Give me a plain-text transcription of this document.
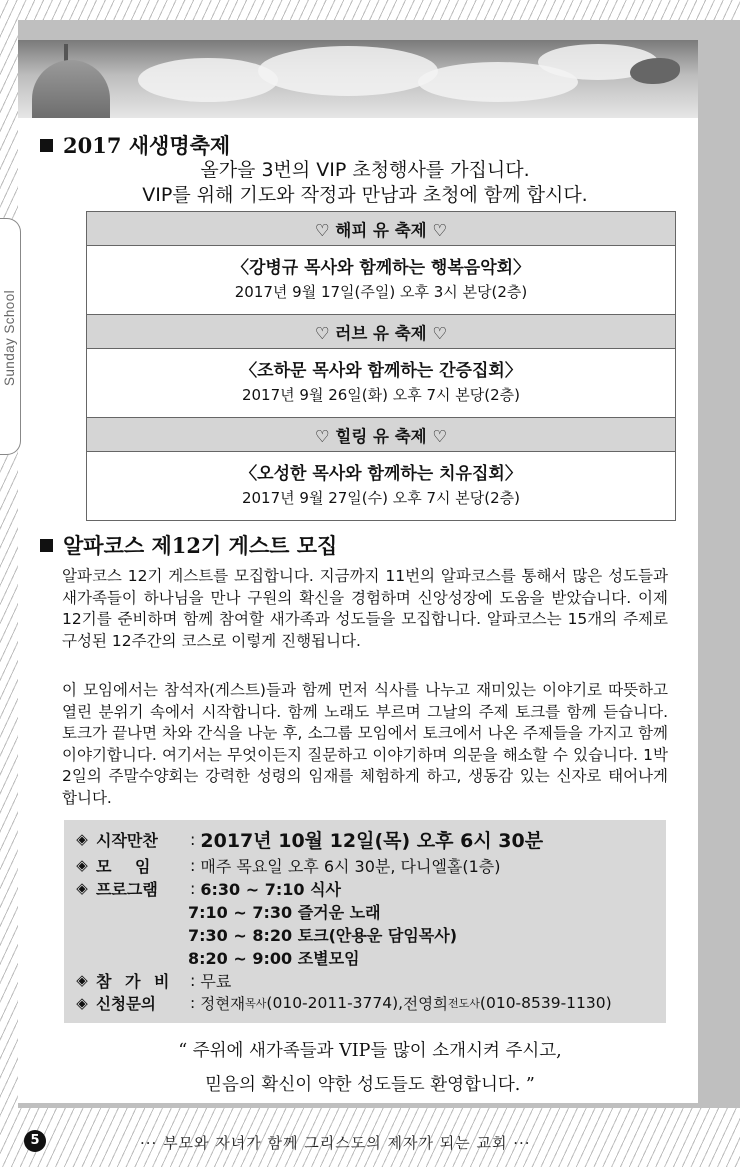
2017 새생명축제
올가을 3번의 VIP 초청행사를 가집니다.
VIP를 위해 기도와 작정과 만남과 초청에 함께 합시다.
♡ 해피 유 축제 ♡

〈강병규 목사와 함께하는 행복음악회〉
2017년 9월 17일(주일) 오후 3시 본당(2층)

♡ 러브 유 축제 ♡

〈조하문 목사와 함께하는 간증집회〉
2017년 9월 26일(화) 오후 7시 본당(2층)

♡ 힐링 유 축제 ♡

〈오성한 목사와 함께하는 치유집회〉
2017년 9월 27일(수) 오후 7시 본당(2층)
알파코스 제12기 게스트 모집
알파코스 12기 게스트를 모집합니다. 지금까지 11번의 알파코스를 통해서 많은 성도들과 새가족들이 하나님을 만나 구원의 확신을 경험하며 신앙성장에 도움을 받았습니다. 이제 12기를 준비하며 함께 참여할 새가족과 성도들을 모집합니다. 알파코스는 15개의 주제로 구성된 12주간의 코스로 이렇게 진행됩니다.
이 모임에서는 참석자(게스트)들과 함께 먼저 식사를 나누고 재미있는 이야기로 따뜻하고 열린 분위기 속에서 시작합니다. 함께 노래도 부르며 그날의 주제 토크를 함께 듣습니다. 토크가 끝나면 차와 간식을 나눈 후, 소그룹 모임에서 토크에서 나온 주제들을 가지고 함께 이야기합니다. 여기서는 무엇이든지 질문하고 이야기하며 의문을 해소할 수 있습니다. 1박 2일의 주말수양회는 강력한 성령의 임재를 체험하게 하고, 생동감 있는 신자로 태어나게 합니다.
◈ 시작만찬	: 2017년 10월 12일(목) 오후 6시 30분
◈ 모 임	: 매주 목요일 오후 6시 30분, 다니엘홀(1층)
◈ 프로그램	: 6:30 ~ 7:10 식사
7:10 ~ 7:30 즐거운 노래
7:30 ~ 8:20 토크(안용운 담임목사)
8:20 ~ 9:00 조별모임
◈ 참 가 비	: 무료
◈ 신청문의	: 정현재 목사 (010-2011-3774), 전영희 전도사 (010-8539-1130)
“ 주위에 새가족들과 VIP들 많이 소개시켜 주시고,
믿음의 확신이 약한 성도들도 환영합니다. ”
5	··· 부모와 자녀가 함께 그리스도의 제자가 되는 교회 ···
